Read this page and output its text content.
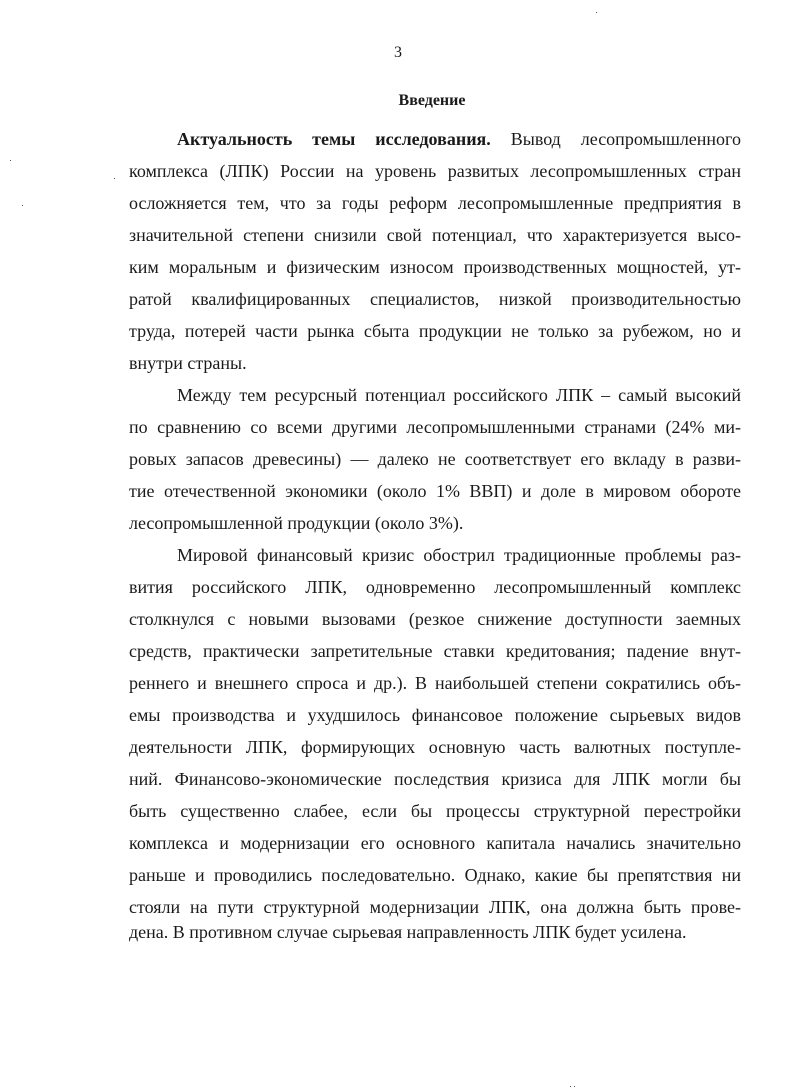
3
Введение

Актуальность темы исследования. Вывод лесопромышленного

комплекса (ЛПК) России на уровень развитых лесопромышленных стран

осложняется тем, что за годы реформ лесопромышленные предприятия в

значительной степени снизили свой потенциал, что характеризуется высо-

ким моральным и физическим износом производственных мощностей, ут-

ратой квалифицированных специалистов, низкой производительностью

труда, потерей части рынка сбыта продукции не только за рубежом, но и

внутри страны.

Между тем ресурсный потенциал российского ЛПК – самый высокий

по сравнению со всеми другими лесопромышленными странами (24% ми-

ровых запасов древесины) — далеко не соответствует его вкладу в разви-

тие отечественной экономики (около 1% ВВП) и доле в мировом обороте

лесопромышленной продукции (около 3%).

Мировой финансовый кризис обострил традиционные проблемы раз-

вития российского ЛПК, одновременно лесопромышленный комплекс

столкнулся с новыми вызовами (резкое снижение доступности заемных

средств, практически запретительные ставки кредитования; падение внут-

реннего и внешнего спроса и др.). В наибольшей степени сократились объ-

емы производства и ухудшилось финансовое положение сырьевых видов

деятельности ЛПК, формирующих основную часть валютных поступле-

ний. Финансово-экономические последствия кризиса для ЛПК могли бы

быть существенно слабее, если бы процессы структурной перестройки

комплекса и модернизации его основного капитала начались значительно

раньше и проводились последовательно. Однако, какие бы препятствия ни

стояли на пути структурной модернизации ЛПК, она должна быть прове-

дена. В противном случае сырьевая направленность ЛПК будет усилена.
